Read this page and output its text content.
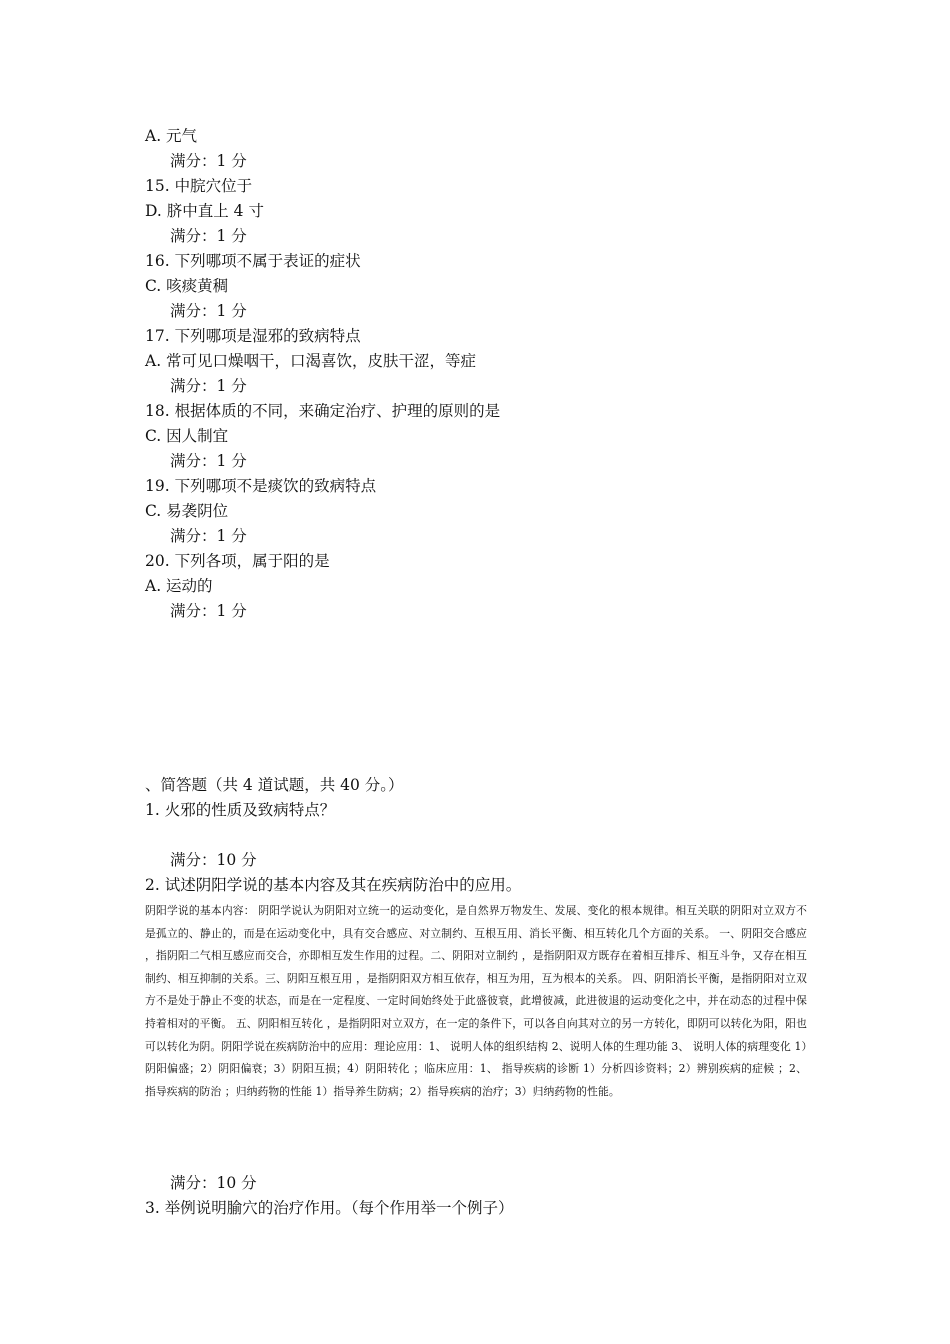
A. 元气
满分：1 分
15. 中脘穴位于
D. 脐中直上 4 寸
满分：1 分
16. 下列哪项不属于表证的症状
C. 咳痰黄稠
满分：1 分
17. 下列哪项是湿邪的致病特点
A. 常可见口燥咽干，口渴喜饮，皮肤干涩，等症
满分：1 分
18. 根据体质的不同，来确定治疗、护理的原则的是
C. 因人制宜
满分：1 分
19. 下列哪项不是痰饮的致病特点
C. 易袭阴位
满分：1 分
20. 下列各项，属于阳的是
A. 运动的
满分：1 分
、简答题（共 4 道试题，共 40 分。）
1. 火邪的性质及致病特点？
满分：10 分
2. 试述阴阳学说的基本内容及其在疾病防治中的应用。
阴阳学说的基本内容： 阴阳学说认为阴阳对立统一的运动变化，是自然界万物发生、发展、变化的根本规律。相互关联的阴阳对立双方不是孤立的、静止的，而是在运动变化中，具有交合感应、对立制约、互根互用、消长平衡、相互转化几个方面的关系。 一、阴阳交合感应 ，指阴阳二气相互感应而交合，亦即相互发生作用的过程。二、阴阳对立制约 ，是指阴阳双方既存在着相互排斥、相互斗争，又存在相互制约、相互抑制的关系。三、阴阳互根互用 ，是指阴阳双方相互依存，相互为用，互为根本的关系。 四、阴阳消长平衡，是指阴阳对立双方不是处于静止不变的状态，而是在一定程度、一定时间始终处于此盛彼衰，此增彼减，此进彼退的运动变化之中，并在动态的过程中保持着相对的平衡。 五、阴阳相互转化 ，是指阴阳对立双方，在一定的条件下，可以各自向其对立的另一方转化，即阴可以转化为阳，阳也可以转化为阴。阴阳学说在疾病防治中的应用：理论应用：1、 说明人体的组织结构 2、说明人体的生理功能 3、 说明人体的病理变化 1）阴阳偏盛；2）阴阳偏衰；3）阴阳互损；4）阴阳转化 ；临床应用：1、 指导疾病的诊断 1）分析四诊资料；2）辨别疾病的症候 ；2、 指导疾病的防治 ；归纳药物的性能 1）指导养生防病；2）指导疾病的治疗；3）归纳药物的性能。
满分：10 分
3. 举例说明腧穴的治疗作用。（每个作用举一个例子）
